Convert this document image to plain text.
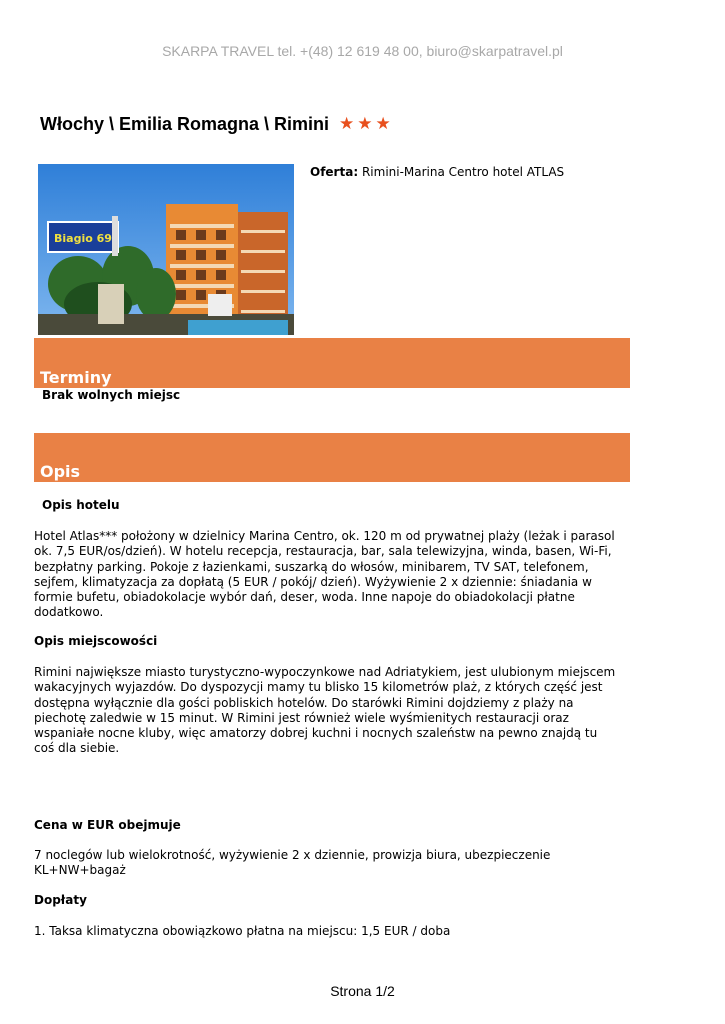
SKARPA TRAVEL tel. +(48) 12 619 48 00, biuro@skarpatravel.pl
Włochy \ Emilia Romagna \ Rimini ★ ★ ★
Biagio 69
Oferta: Rimini-Marina Centro hotel ATLAS
Terminy
Brak wolnych miejsc
Opis
Opis hotelu
Hotel Atlas*** położony w dzielnicy Marina Centro, ok. 120 m od prywatnej plaży (leżak i parasol
ok. 7,5 EUR/os/dzień). W hotelu recepcja, restauracja, bar, sala telewizyjna, winda, basen, Wi-Fi,
bezpłatny parking. Pokoje z łazienkami, suszarką do włosów, minibarem, TV SAT, telefonem,
sejfem, klimatyzacja za dopłatą (5 EUR / pokój/ dzień). Wyżywienie 2 x dziennie: śniadania w
formie bufetu, obiadokolacje wybór dań, deser, woda. Inne napoje do obiadokolacji płatne
dodatkowo.
Opis miejscowości
Rimini największe miasto turystyczno-wypoczynkowe nad Adriatykiem, jest ulubionym miejscem
wakacyjnych wyjazdów. Do dyspozycji mamy tu blisko 15 kilometrów plaż, z których część jest
dostępna wyłącznie dla gości pobliskich hotelów. Do starówki Rimini dojdziemy z plaży na
piechotę zaledwie w 15 minut. W Rimini jest również wiele wyśmienitych restauracji oraz
wspaniałe nocne kluby, więc amatorzy dobrej kuchni i nocnych szaleństw na pewno znajdą tu
coś dla siebie.
Cena w EUR obejmuje
7 noclegów lub wielokrotność, wyżywienie 2 x dziennie, prowizja biura, ubezpieczenie
KL+NW+bagaż
Dopłaty
1. Taksa klimatyczna obowiązkowo płatna na miejscu: 1,5 EUR / doba
Strona 1/2
